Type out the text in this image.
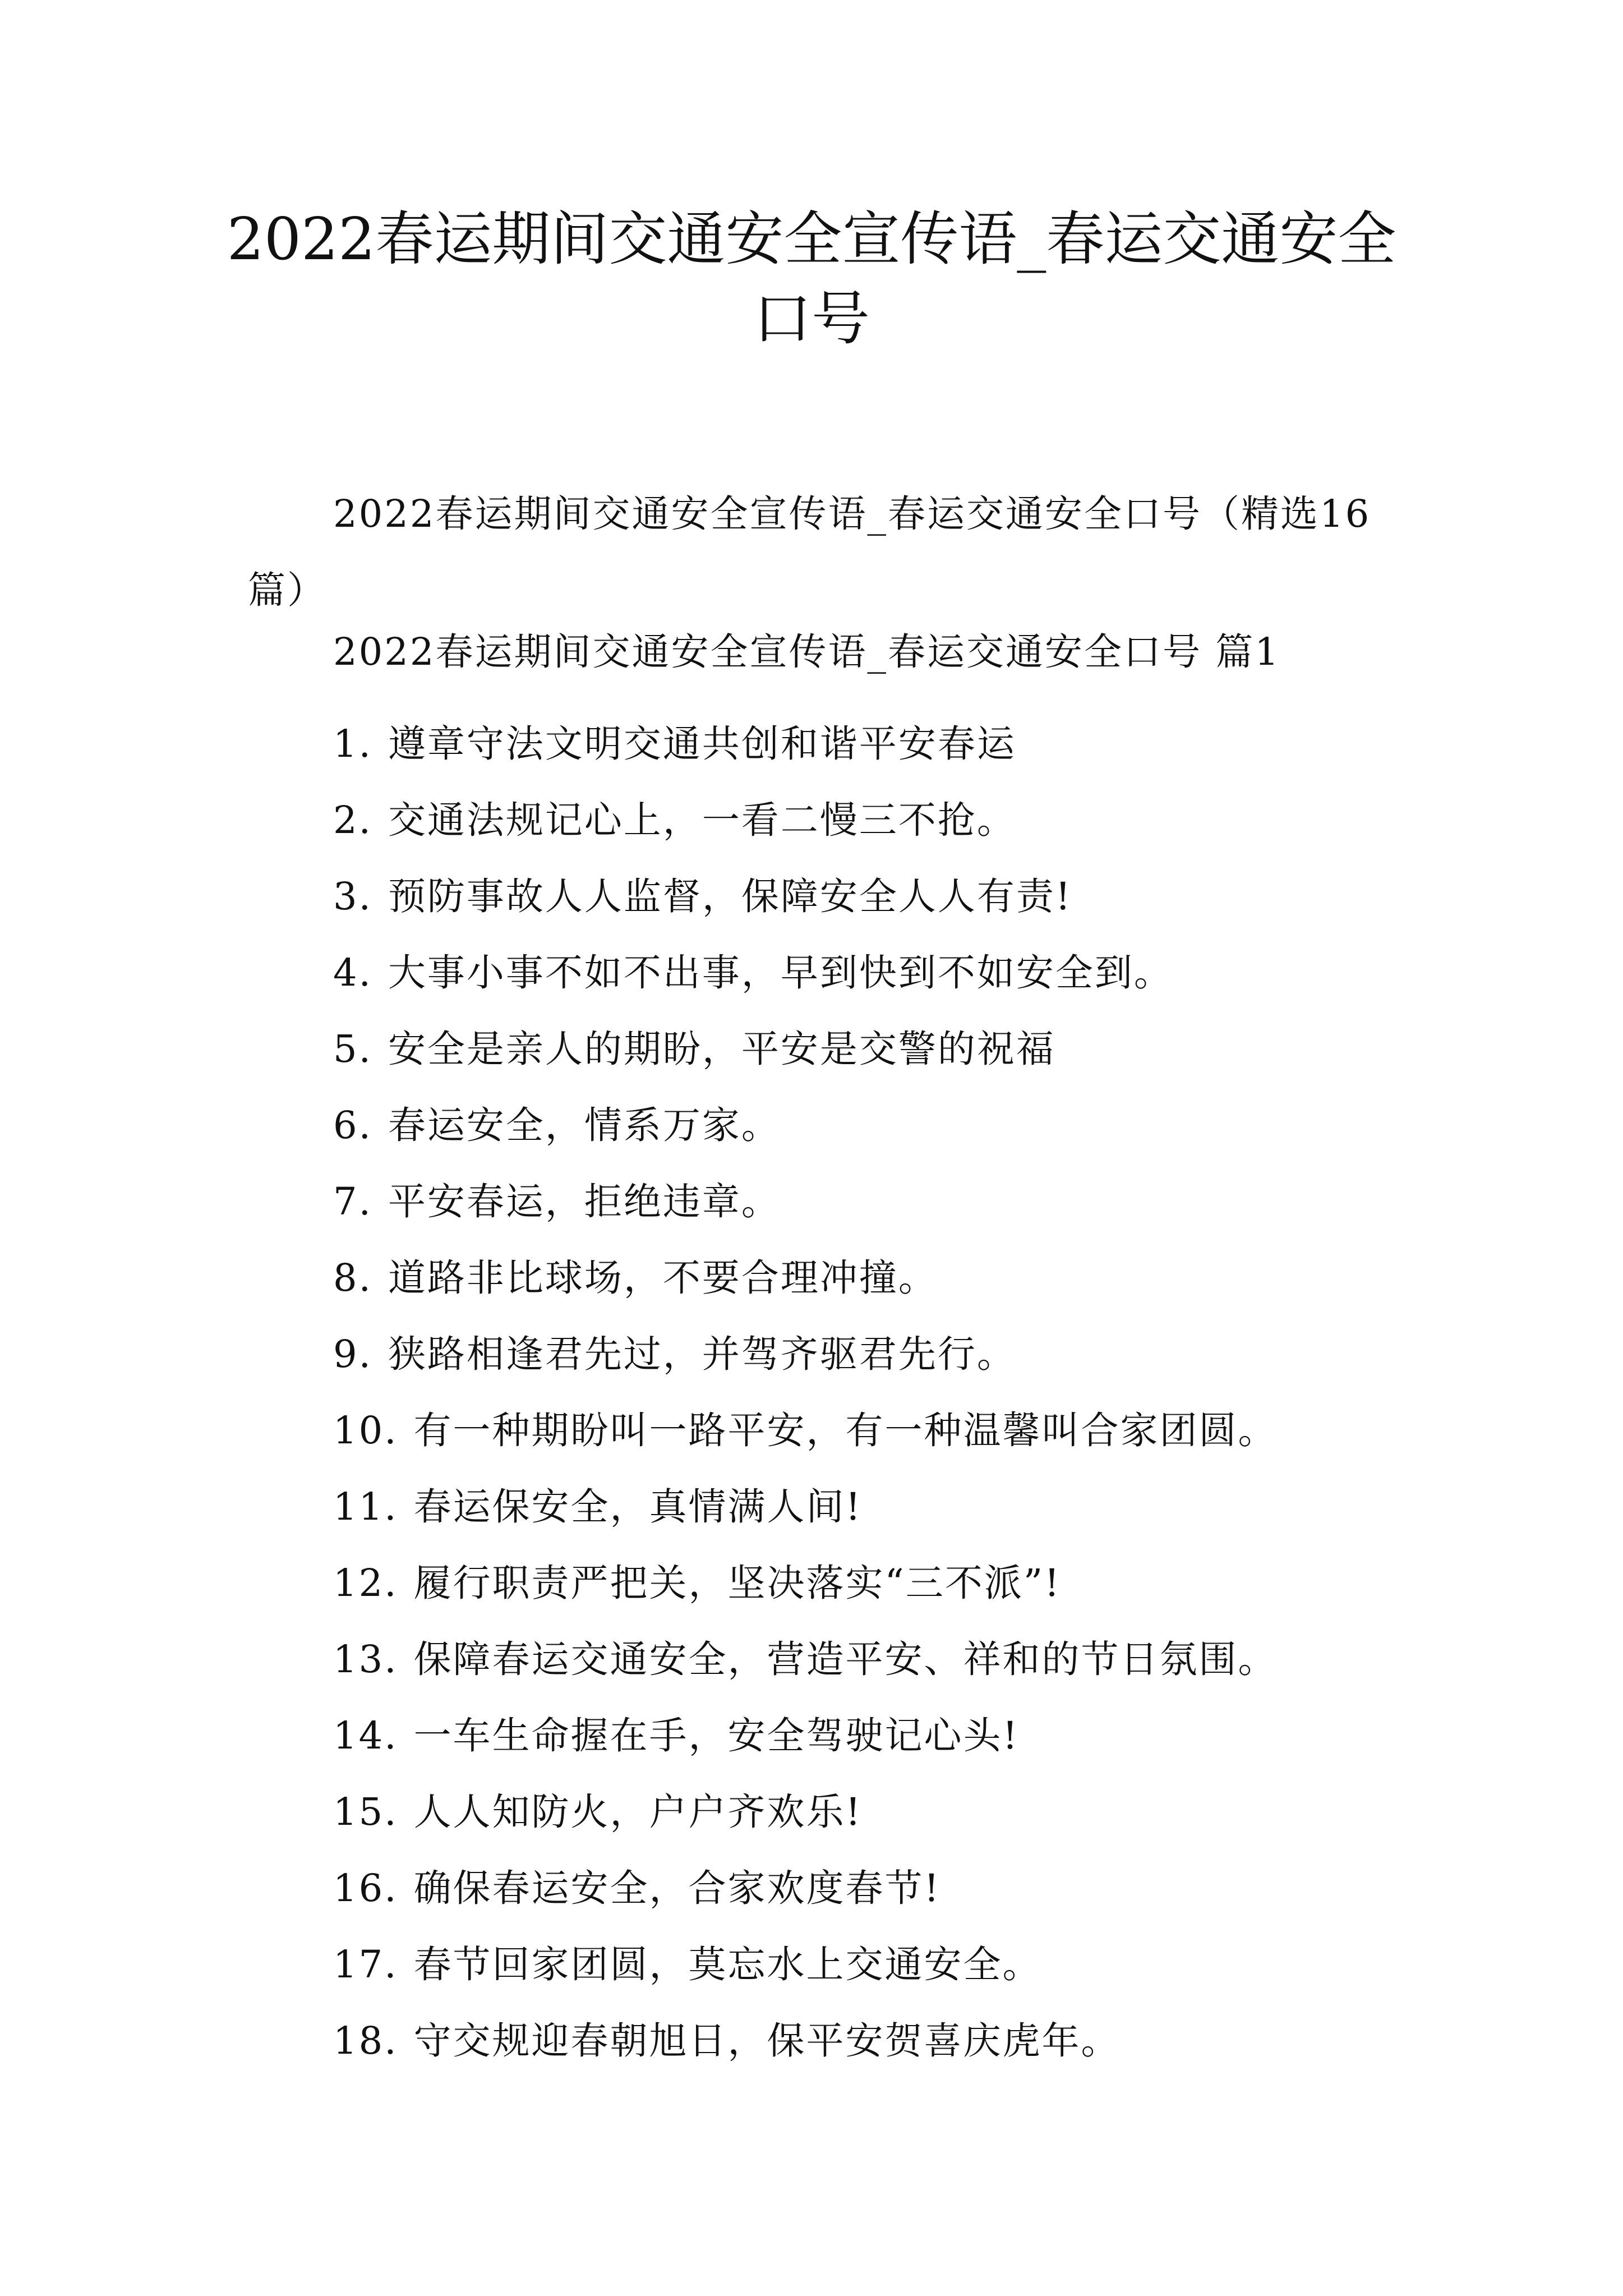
2022春运期间交通安全宣传语_春运交通安全口号

2022春运期间交通安全宣传语_春运交通安全口号（精选16篇）

2022春运期间交通安全宣传语_春运交通安全口号 篇1

1. 遵章守法文明交通共创和谐平安春运
2. 交通法规记心上，一看二慢三不抢。
3. 预防事故人人监督，保障安全人人有责!
4. 大事小事不如不出事，早到快到不如安全到。
5. 安全是亲人的期盼，平安是交警的祝福
6. 春运安全，情系万家。
7. 平安春运，拒绝违章。
8. 道路非比球场，不要合理冲撞。
9. 狭路相逢君先过，并驾齐驱君先行。
10. 有一种期盼叫一路平安，有一种温馨叫合家团圆。
11. 春运保安全，真情满人间!
12. 履行职责严把关，坚决落实“三不派”!
13. 保障春运交通安全，营造平安、祥和的节日氛围。
14. 一车生命握在手，安全驾驶记心头!
15. 人人知防火，户户齐欢乐!
16. 确保春运安全，合家欢度春节!
17. 春节回家团圆，莫忘水上交通安全。
18. 守交规迎春朝旭日，保平安贺喜庆虎年。
